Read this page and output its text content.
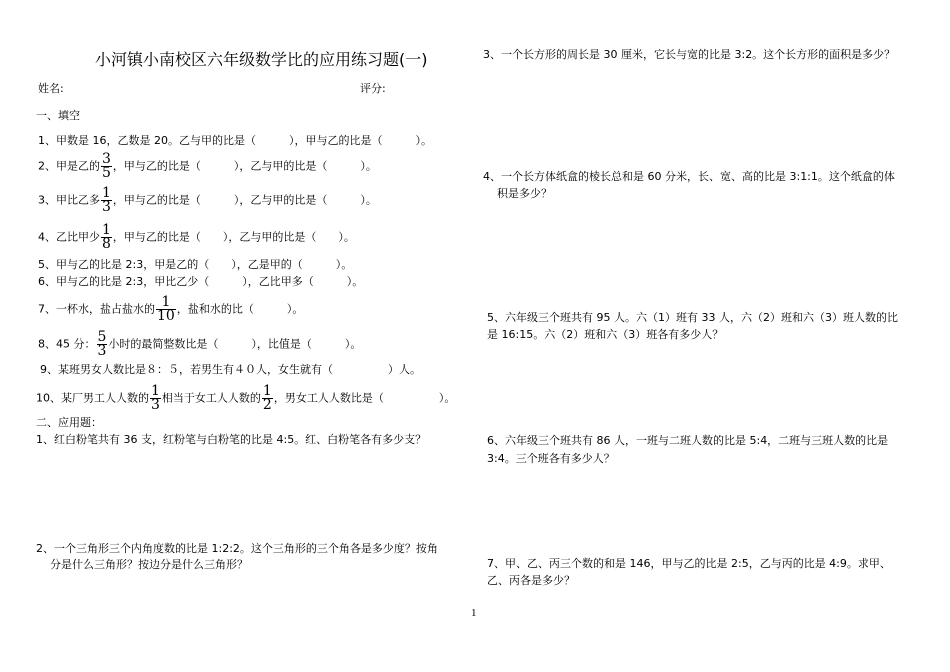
小河镇小南校区六年级数学比的应用练习题(一)
姓名:	评分:
一、填空
1、甲数是 16，乙数是 20。乙与甲的比是（　　　），甲与乙的比是（　　　）。
2、甲是乙的 $\frac{3}{5}$ ，甲与乙的比是（　　　），乙与甲的比是（　　　）。
3、甲比乙多 $\frac{1}{3}$ ，甲与乙的比是（　　　），乙与甲的比是（　　　）。
4、乙比甲少 $\frac{1}{8}$ ，甲与乙的比是（　　），乙与甲的比是（　　）。
5、甲与乙的比是 2:3，甲是乙的（　　），乙是甲的（　　　）。
6、甲与乙的比是 2:3，甲比乙少（　　　），乙比甲多（　　　）。
7、一杯水，盐占盐水的 $\frac{1}{10}$ ，盐和水的比（　　　）。
8、45 分： $\frac{5}{3}$ 小时的最简整数比是（　　　），比值是（　　　）。
9、某班男女人数比是８：５，若男生有４０人，女生就有（　　　　　）人。
10、某厂男工人人数的 $\frac{1}{3}$ 相当于女工人人数的 $\frac{1}{2}$ ，男女工人人数比是（　　　　　）。
二、应用题：
1、红白粉笔共有 36 支，红粉笔与白粉笔的比是 4:5。红、白粉笔各有多少支？
2、一个三角形三个内角度数的比是 1:2:2。这个三角形的三个角各是多少度？按角
分是什么三角形？按边分是什么三角形？
3、一个长方形的周长是 30 厘米，它长与宽的比是 3:2。这个长方形的面积是多少？
4、一个长方体纸盒的棱长总和是 60 分米，长、宽、高的比是 3:1:1。这个纸盒的体
积是多少？
5、六年级三个班共有 95 人。六（1）班有 33 人，六（2）班和六（3）班人数的比
是 16:15。六（2）班和六（3）班各有多少人？
6、六年级三个班共有 86 人，一班与二班人数的比是 5:4，二班与三班人数的比是
3:4。三个班各有多少人？
7、甲、乙、丙三个数的和是 146，甲与乙的比是 2:5，乙与丙的比是 4:9。求甲、
乙、丙各是多少？
1
